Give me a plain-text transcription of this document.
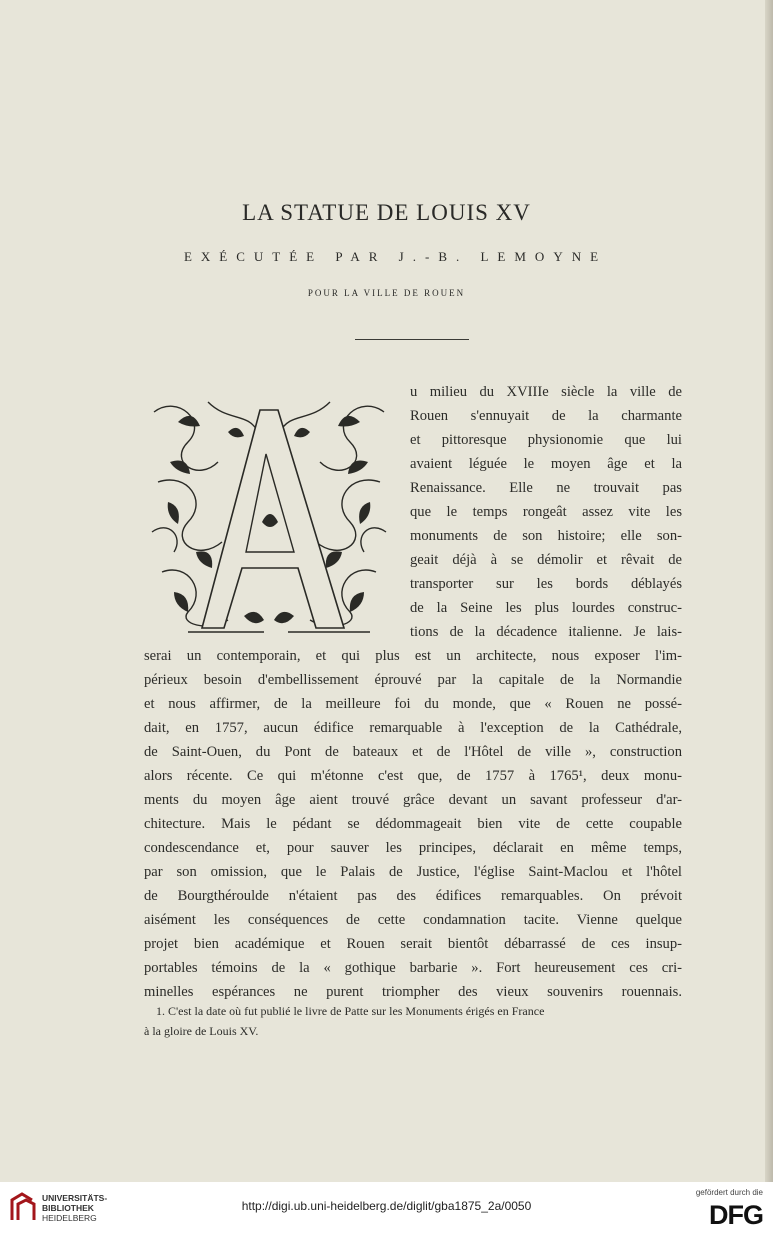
LA STATUE DE LOUIS XV
EXÉCUTÉE PAR J.-B. LEMOYNE
POUR LA VILLE DE ROUEN
u milieu du XVIIIe siècle la ville de
Rouen s'ennuyait de la charmante
et pittoresque physionomie que lui
avaient léguée le moyen âge et la
Renaissance. Elle ne trouvait pas
que le temps rongeât assez vite les
monuments de son histoire; elle son-
geait déjà à se démolir et rêvait de
transporter sur les bords déblayés
de la Seine les plus lourdes construc-
tions de la décadence italienne. Je lais-
serai un contemporain, et qui plus est un architecte, nous exposer l'im-
périeux besoin d'embellissement éprouvé par la capitale de la Normandie
et nous affirmer, de la meilleure foi du monde, que « Rouen ne possé-
dait, en 1757, aucun édifice remarquable à l'exception de la Cathédrale,
de Saint-Ouen, du Pont de bateaux et de l'Hôtel de ville », construction
alors récente. Ce qui m'étonne c'est que, de 1757 à 1765¹, deux monu-
ments du moyen âge aient trouvé grâce devant un savant professeur d'ar-
chitecture. Mais le pédant se dédommageait bien vite de cette coupable
condescendance et, pour sauver les principes, déclarait en même temps,
par son omission, que le Palais de Justice, l'église Saint-Maclou et l'hôtel
de Bourgthéroulde n'étaient pas des édifices remarquables. On prévoit
aisément les conséquences de cette condamnation tacite. Vienne quelque
projet bien académique et Rouen serait bientôt débarrassé de ces insup-
portables témoins de la « gothique barbarie ». Fort heureusement ces cri-
minelles espérances ne purent triompher des vieux souvenirs rouennais.
1. C'est la date où fut publié le livre de Patte sur les Monuments érigés en France
à la gloire de Louis XV.
UNIVERSITÄTS-
BIBLIOTHEK
HEIDELBERG
http://digi.ub.uni-heidelberg.de/diglit/gba1875_2a/0050
gefördert durch die
DFG
